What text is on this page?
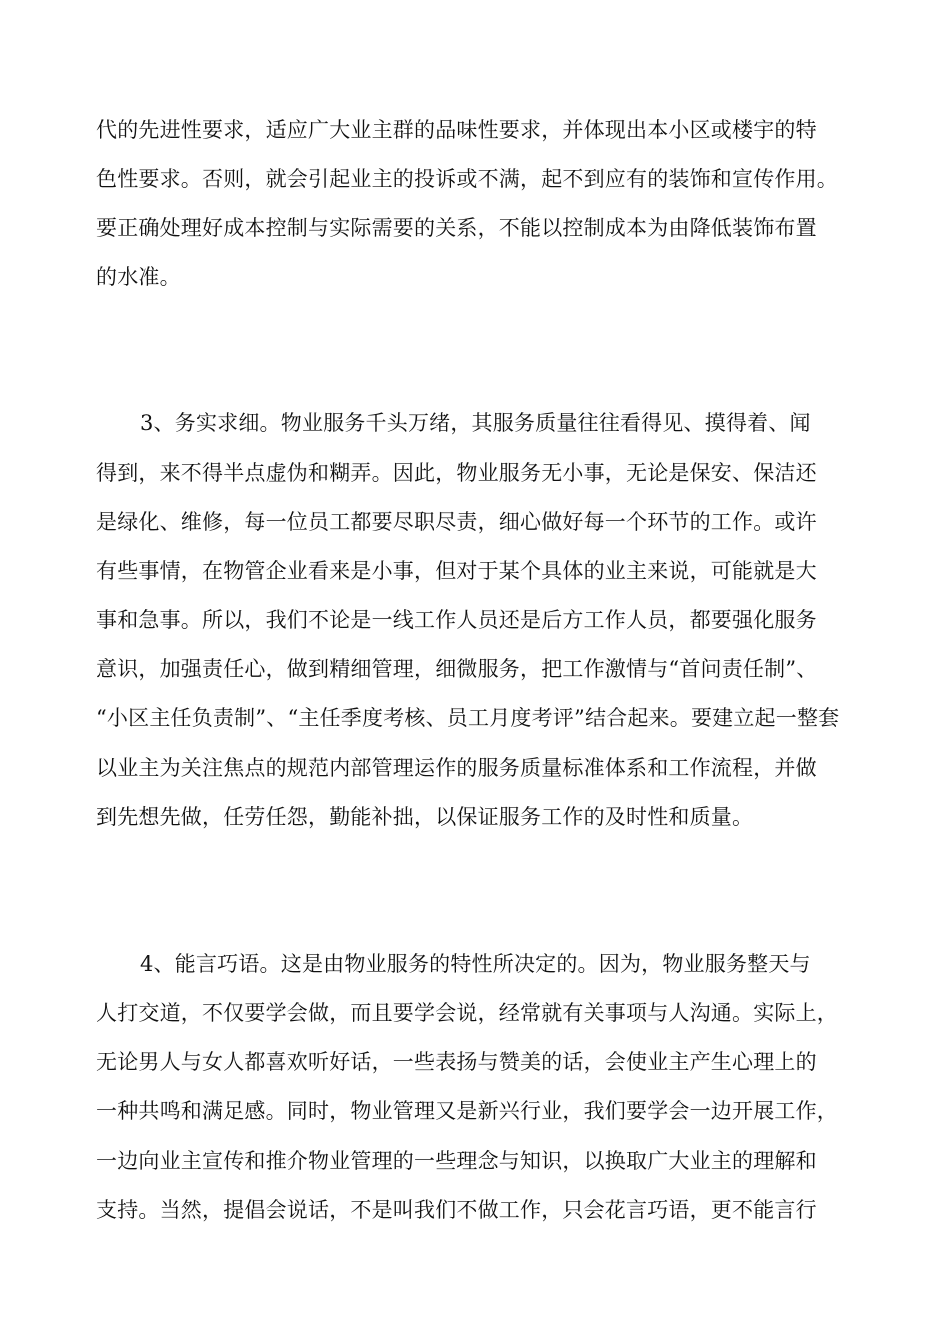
代的先进性要求，适应广大业主群的品味性要求，并体现出本小区或楼宇的特
色性要求。否则，就会引起业主的投诉或不满，起不到应有的装饰和宣传作用。
要正确处理好成本控制与实际需要的关系，不能以控制成本为由降低装饰布置
的水准。
3、务实求细。物业服务千头万绪，其服务质量往往看得见、摸得着、闻
得到，来不得半点虚伪和糊弄。因此，物业服务无小事，无论是保安、保洁还
是绿化、维修，每一位员工都要尽职尽责，细心做好每一个环节的工作。或许
有些事情，在物管企业看来是小事，但对于某个具体的业主来说，可能就是大
事和急事。所以，我们不论是一线工作人员还是后方工作人员，都要强化服务
意识，加强责任心，做到精细管理，细微服务，把工作激情与“首问责任制”、
“小区主任负责制”、“主任季度考核、员工月度考评”结合起来。要建立起一整套
以业主为关注焦点的规范内部管理运作的服务质量标准体系和工作流程，并做
到先想先做，任劳任怨，勤能补拙，以保证服务工作的及时性和质量。
4、能言巧语。这是由物业服务的特性所决定的。因为，物业服务整天与
人打交道，不仅要学会做，而且要学会说，经常就有关事项与人沟通。实际上，
无论男人与女人都喜欢听好话，一些表扬与赞美的话，会使业主产生心理上的
一种共鸣和满足感。同时，物业管理又是新兴行业，我们要学会一边开展工作，
一边向业主宣传和推介物业管理的一些理念与知识，以换取广大业主的理解和
支持。当然，提倡会说话，不是叫我们不做工作，只会花言巧语，更不能言行
